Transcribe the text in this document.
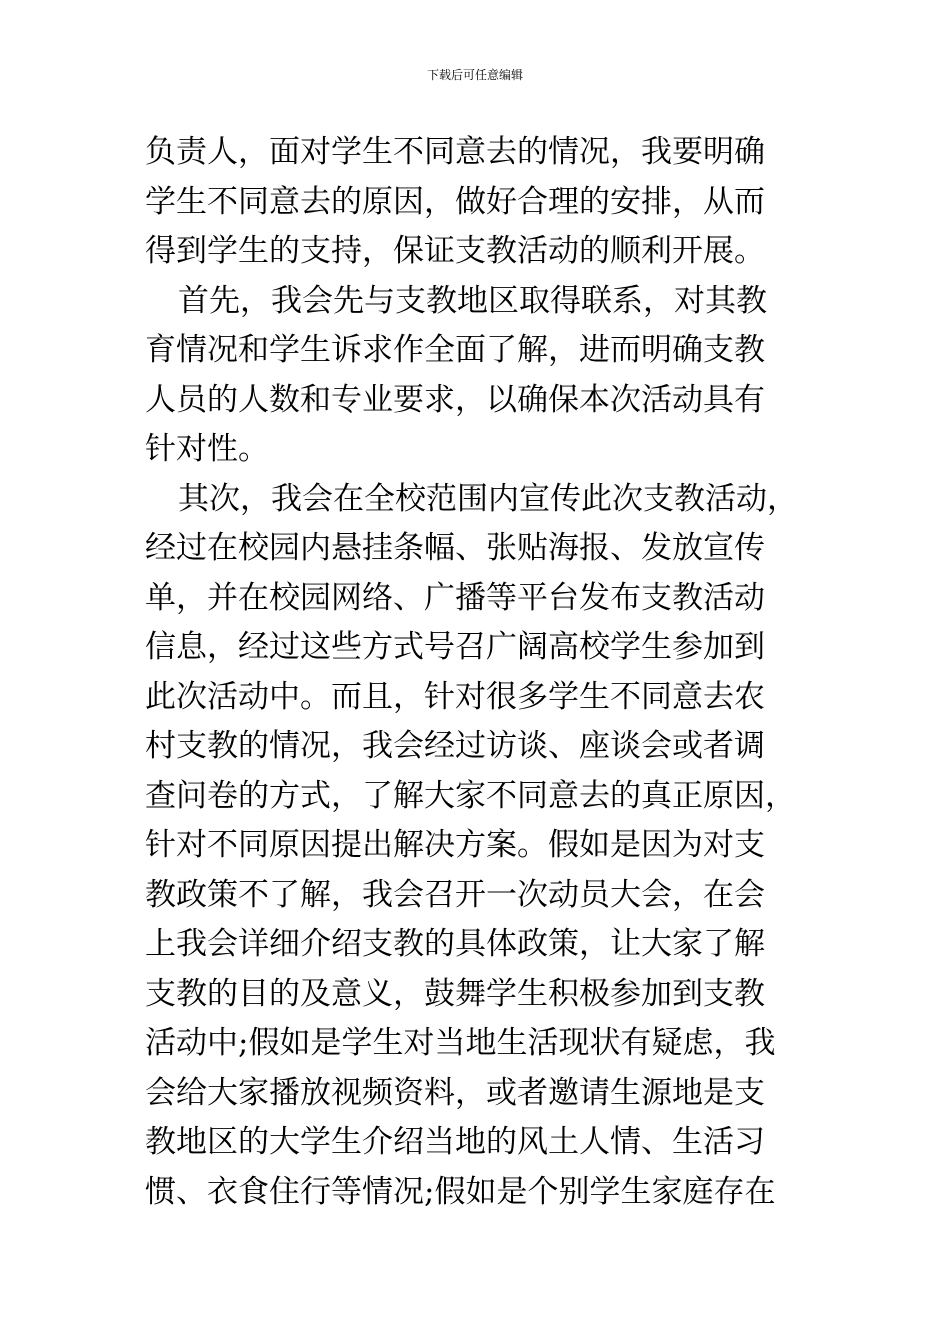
下载后可任意编辑

负责人，面对学生不同意去的情况，我要明确
学生不同意去的原因，做好合理的安排，从而
得到学生的支持，保证支教活动的顺利开展。

首先，我会先与支教地区取得联系，对其教
育情况和学生诉求作全面了解，进而明确支教
人员的人数和专业要求，以确保本次活动具有
针对性。

其次，我会在全校范围内宣传此次支教活动，
经过在校园内悬挂条幅、张贴海报、发放宣传
单，并在校园网络、广播等平台发布支教活动
信息，经过这些方式号召广阔高校学生参加到
此次活动中。而且，针对很多学生不同意去农
村支教的情况，我会经过访谈、座谈会或者调
查问卷的方式，了解大家不同意去的真正原因，
针对不同原因提出解决方案。假如是因为对支
教政策不了解，我会召开一次动员大会，在会
上我会详细介绍支教的具体政策，让大家了解
支教的目的及意义，鼓舞学生积极参加到支教
活动中;假如是学生对当地生活现状有疑虑，我
会给大家播放视频资料，或者邀请生源地是支
教地区的大学生介绍当地的风土人情、生活习
惯、衣食住行等情况;假如是个别学生家庭存在
